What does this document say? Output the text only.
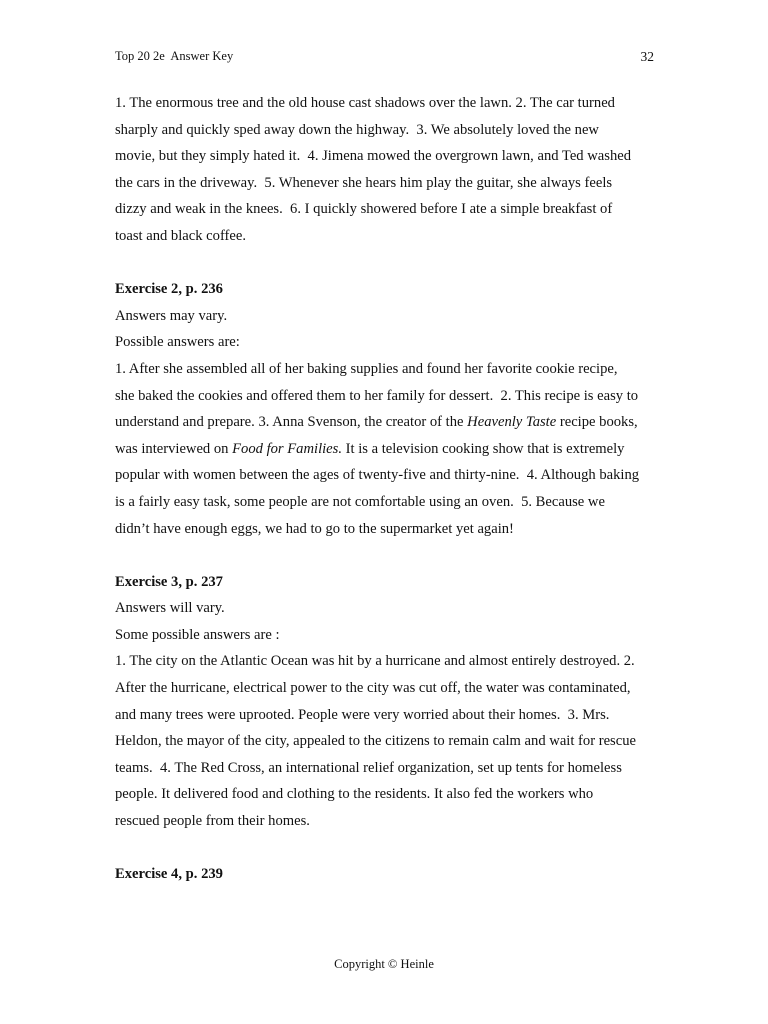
Top 20 2e  Answer Key	32
1. The enormous tree and the old house cast shadows over the lawn. 2. The car turned
sharply and quickly sped away down the highway.  3. We absolutely loved the new
movie, but they simply hated it.  4. Jimena mowed the overgrown lawn, and Ted washed
the cars in the driveway.  5. Whenever she hears him play the guitar, she always feels
dizzy and weak in the knees.  6. I quickly showered before I ate a simple breakfast of
toast and black coffee.
Exercise 2, p. 236
Answers may vary.
Possible answers are:
1. After she assembled all of her baking supplies and found her favorite cookie recipe,
she baked the cookies and offered them to her family for dessert.  2. This recipe is easy to
understand and prepare. 3. Anna Svenson, the creator of the Heavenly Taste recipe books,
was interviewed on Food for Families. It is a television cooking show that is extremely
popular with women between the ages of twenty-five and thirty-nine.  4. Although baking
is a fairly easy task, some people are not comfortable using an oven.  5. Because we
didn’t have enough eggs, we had to go to the supermarket yet again!
Exercise 3, p. 237
Answers will vary.
Some possible answers are :
1. The city on the Atlantic Ocean was hit by a hurricane and almost entirely destroyed. 2.
After the hurricane, electrical power to the city was cut off, the water was contaminated,
and many trees were uprooted. People were very worried about their homes.  3. Mrs.
Heldon, the mayor of the city, appealed to the citizens to remain calm and wait for rescue
teams.  4. The Red Cross, an international relief organization, set up tents for homeless
people. It delivered food and clothing to the residents. It also fed the workers who
rescued people from their homes.
Exercise 4, p. 239
Copyright © Heinle
